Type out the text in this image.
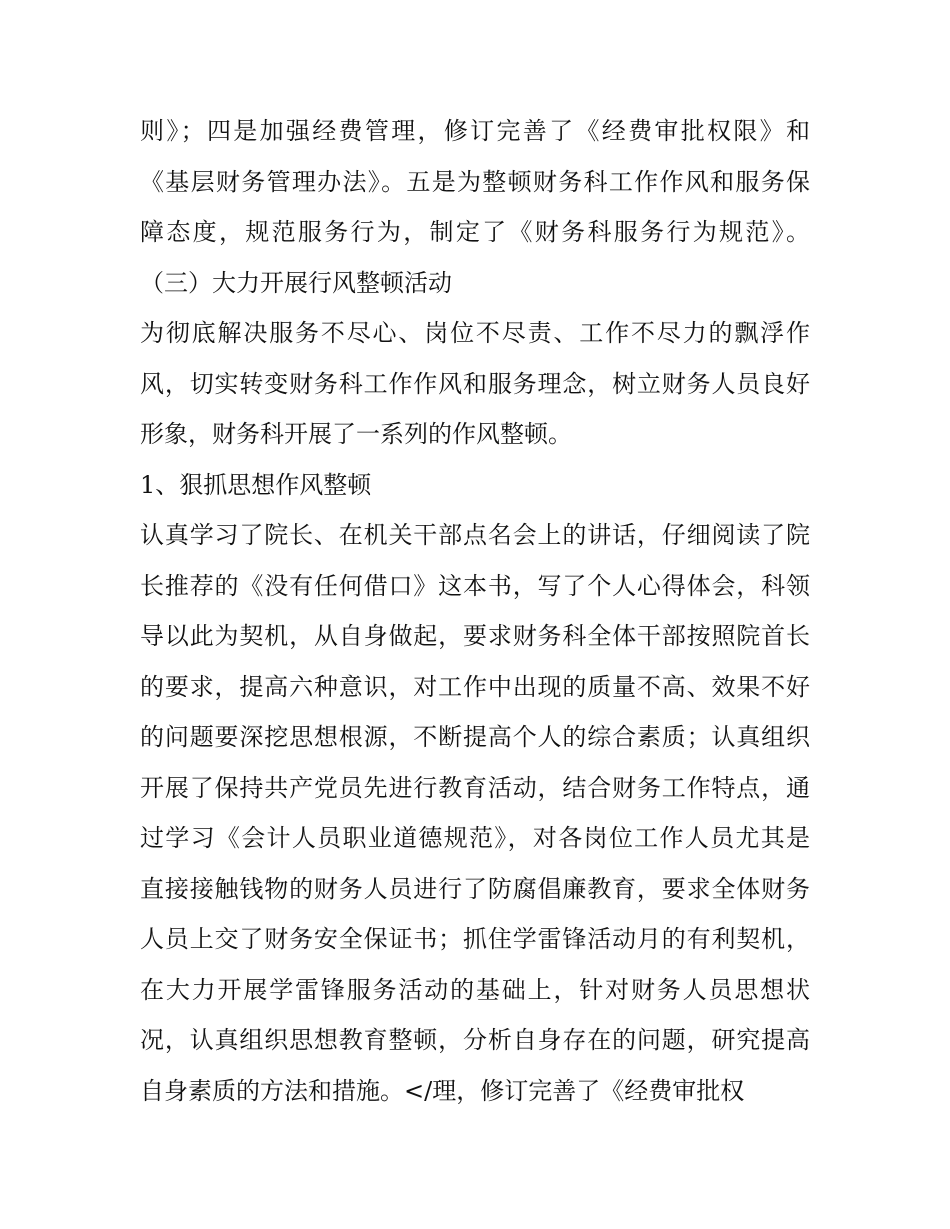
则》；四是加强经费管理，修订完善了《经费审批权限》和
《基层财务管理办法》。五是为整顿财务科工作作风和服务保
障态度，规范服务行为，制定了《财务科服务行为规范》。
（三）大力开展行风整顿活动
为彻底解决服务不尽心、岗位不尽责、工作不尽力的飘浮作
风，切实转变财务科工作作风和服务理念，树立财务人员良好
形象，财务科开展了一系列的作风整顿。
1、狠抓思想作风整顿
认真学习了院长、在机关干部点名会上的讲话，仔细阅读了院
长推荐的《没有任何借口》这本书，写了个人心得体会，科领
导以此为契机，从自身做起，要求财务科全体干部按照院首长
的要求，提高六种意识，对工作中出现的质量不高、效果不好
的问题要深挖思想根源，不断提高个人的综合素质；认真组织
开展了保持共产党员先进行教育活动，结合财务工作特点，通
过学习《会计人员职业道德规范》，对各岗位工作人员尤其是
直接接触钱物的财务人员进行了防腐倡廉教育，要求全体财务
人员上交了财务安全保证书；抓住学雷锋活动月的有利契机，
在大力开展学雷锋服务活动的基础上，针对财务人员思想状
况，认真组织思想教育整顿，分析自身存在的问题，研究提高
自身素质的方法和措施。</理，修订完善了《经费审批权
